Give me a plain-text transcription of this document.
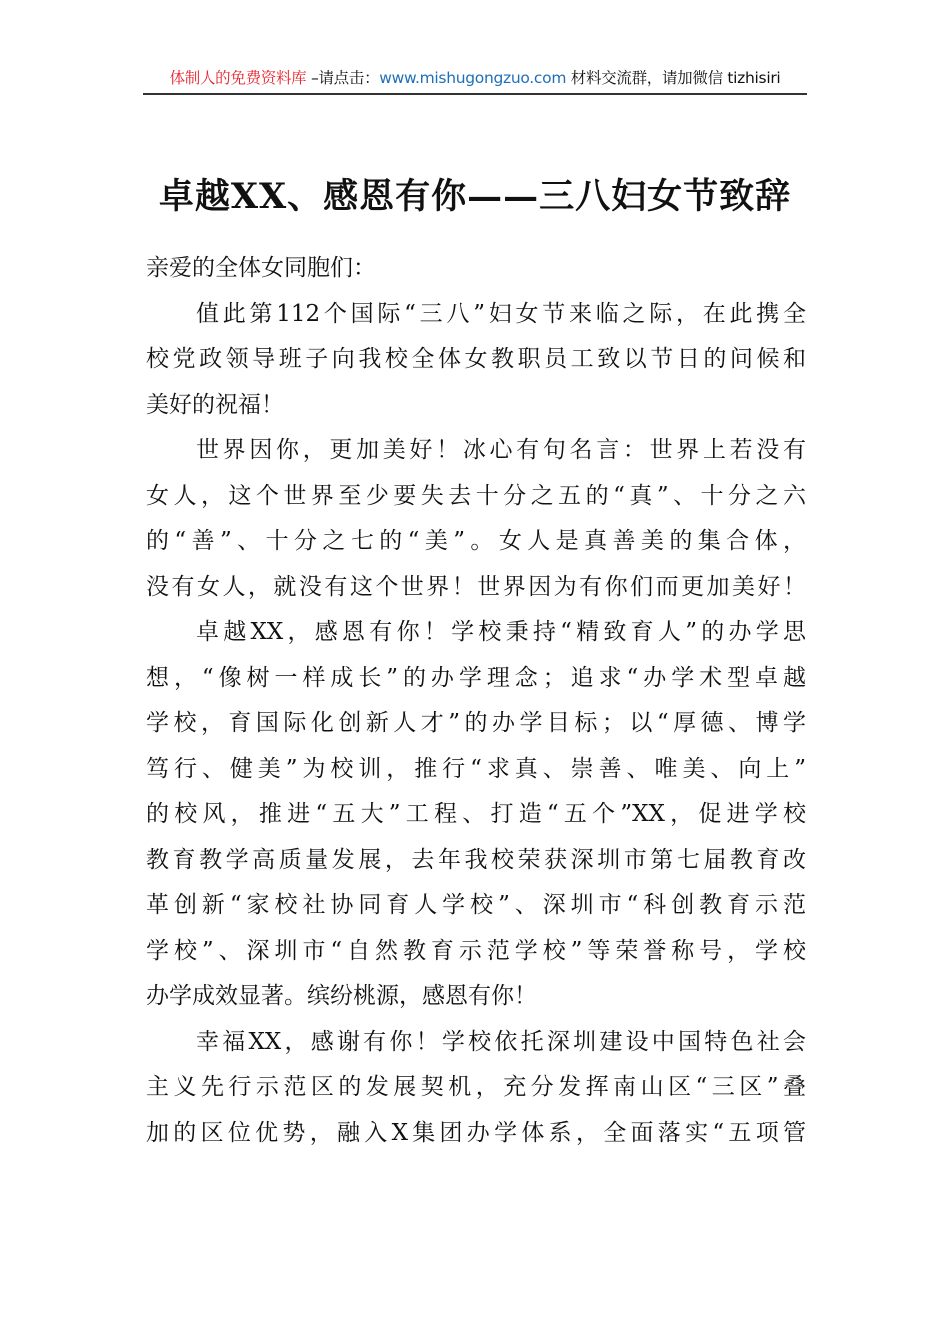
体制人的免费资料库 –请点击：www.mishugongzuo.com 材料交流群，请加微信 tizhisiri
卓越XX、感恩有你——三八妇女节致辞
亲爱的全体女同胞们：
值此第112个国际“三八”妇女节来临之际，在此携全
校党政领导班子向我校全体女教职员工致以节日的问候和
美好的祝福！
世界因你，更加美好！冰心有句名言：世界上若没有
女人，这个世界至少要失去十分之五的“真”、十分之六
的“善”、十分之七的“美”。女人是真善美的集合体，
没有女人，就没有这个世界！世界因为有你们而更加美好！
卓越XX，感恩有你！学校秉持“精致育人”的办学思
想，“像树一样成长”的办学理念；追求“办学术型卓越
学校，育国际化创新人才”的办学目标；以“厚德、博学
笃行、健美”为校训，推行“求真、崇善、唯美、向上”
的校风，推进“五大”工程、打造“五个”XX，促进学校
教育教学高质量发展，去年我校荣获深圳市第七届教育改
革创新“家校社协同育人学校”、深圳市“科创教育示范
学校”、深圳市“自然教育示范学校”等荣誉称号，学校
办学成效显著。缤纷桃源，感恩有你！
幸福XX，感谢有你！学校依托深圳建设中国特色社会
主义先行示范区的发展契机，充分发挥南山区“三区”叠
加的区位优势，融入X集团办学体系，全面落实“五项管
